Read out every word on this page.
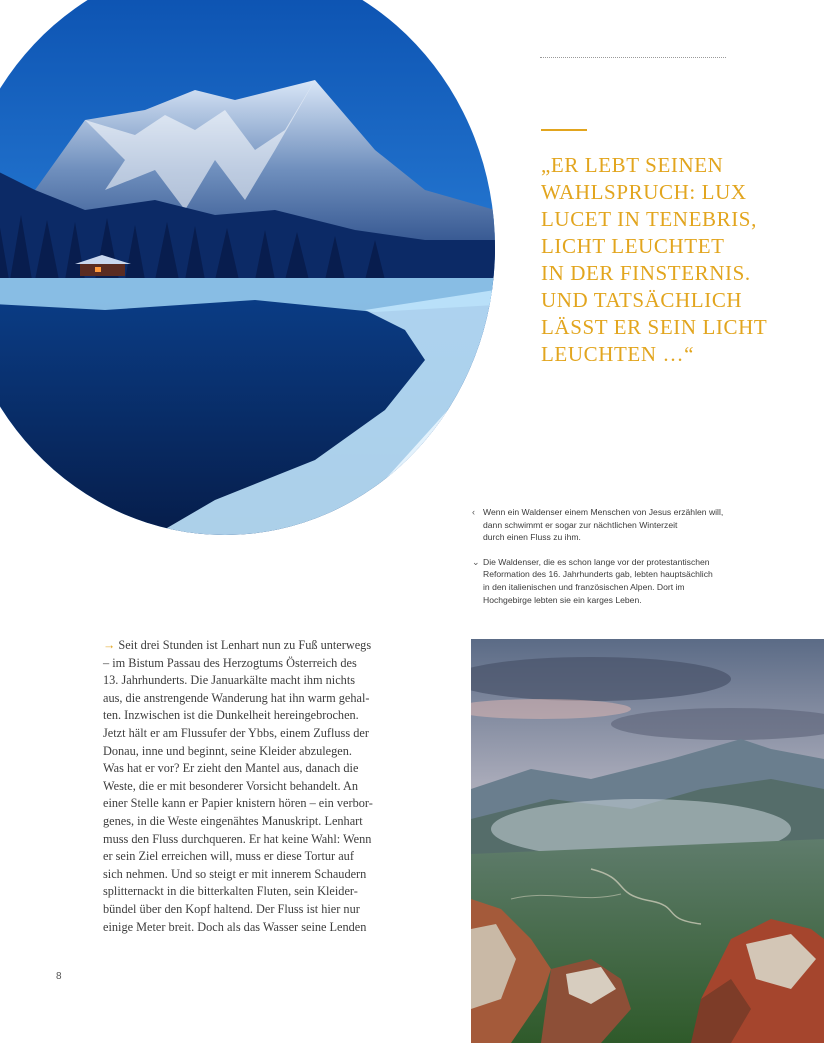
„ER LEBT SEINEN
WAHLSPRUCH: LUX
LUCET IN TENEBRIS,
LICHT LEUCHTET
IN DER FINSTERNIS.
UND TATSÄCHLICH
LÄSST ER SEIN LICHT
LEUCHTEN …“
‹ Wenn ein Waldenser einem Menschen von Jesus erzählen will,
dann schwimmt er sogar zur nächtlichen Winterzeit
durch einen Fluss zu ihm.
⌄ Die Waldenser, die es schon lange vor der protestantischen
Reformation des 16. Jahrhunderts gab, lebten hauptsächlich
in den italienischen und französischen Alpen. Dort im
Hochgebirge lebten sie ein karges Leben.
→ Seit drei Stunden ist Lenhart nun zu Fuß unterwegs
– im Bistum Passau des Herzogtums Österreich des
13. Jahrhunderts. Die Januarkälte macht ihm nichts
aus, die anstrengende Wanderung hat ihn warm gehal-
ten. Inzwischen ist die Dunkelheit hereingebrochen.
Jetzt hält er am Flussufer der Ybbs, einem Zufluss der
Donau, inne und beginnt, seine Kleider abzulegen.
Was hat er vor? Er zieht den Mantel aus, danach die
Weste, die er mit besonderer Vorsicht behandelt. An
einer Stelle kann er Papier knistern hören – ein verbor-
genes, in die Weste eingenähtes Manuskript. Lenhart
muss den Fluss durchqueren. Er hat keine Wahl: Wenn
er sein Ziel erreichen will, muss er diese Tortur auf
sich nehmen. Und so steigt er mit innerem Schaudern
splitternackt in die bitterkalten Fluten, sein Kleider-
bündel über den Kopf haltend. Der Fluss ist hier nur
einige Meter breit. Doch als das Wasser seine Lenden
8
